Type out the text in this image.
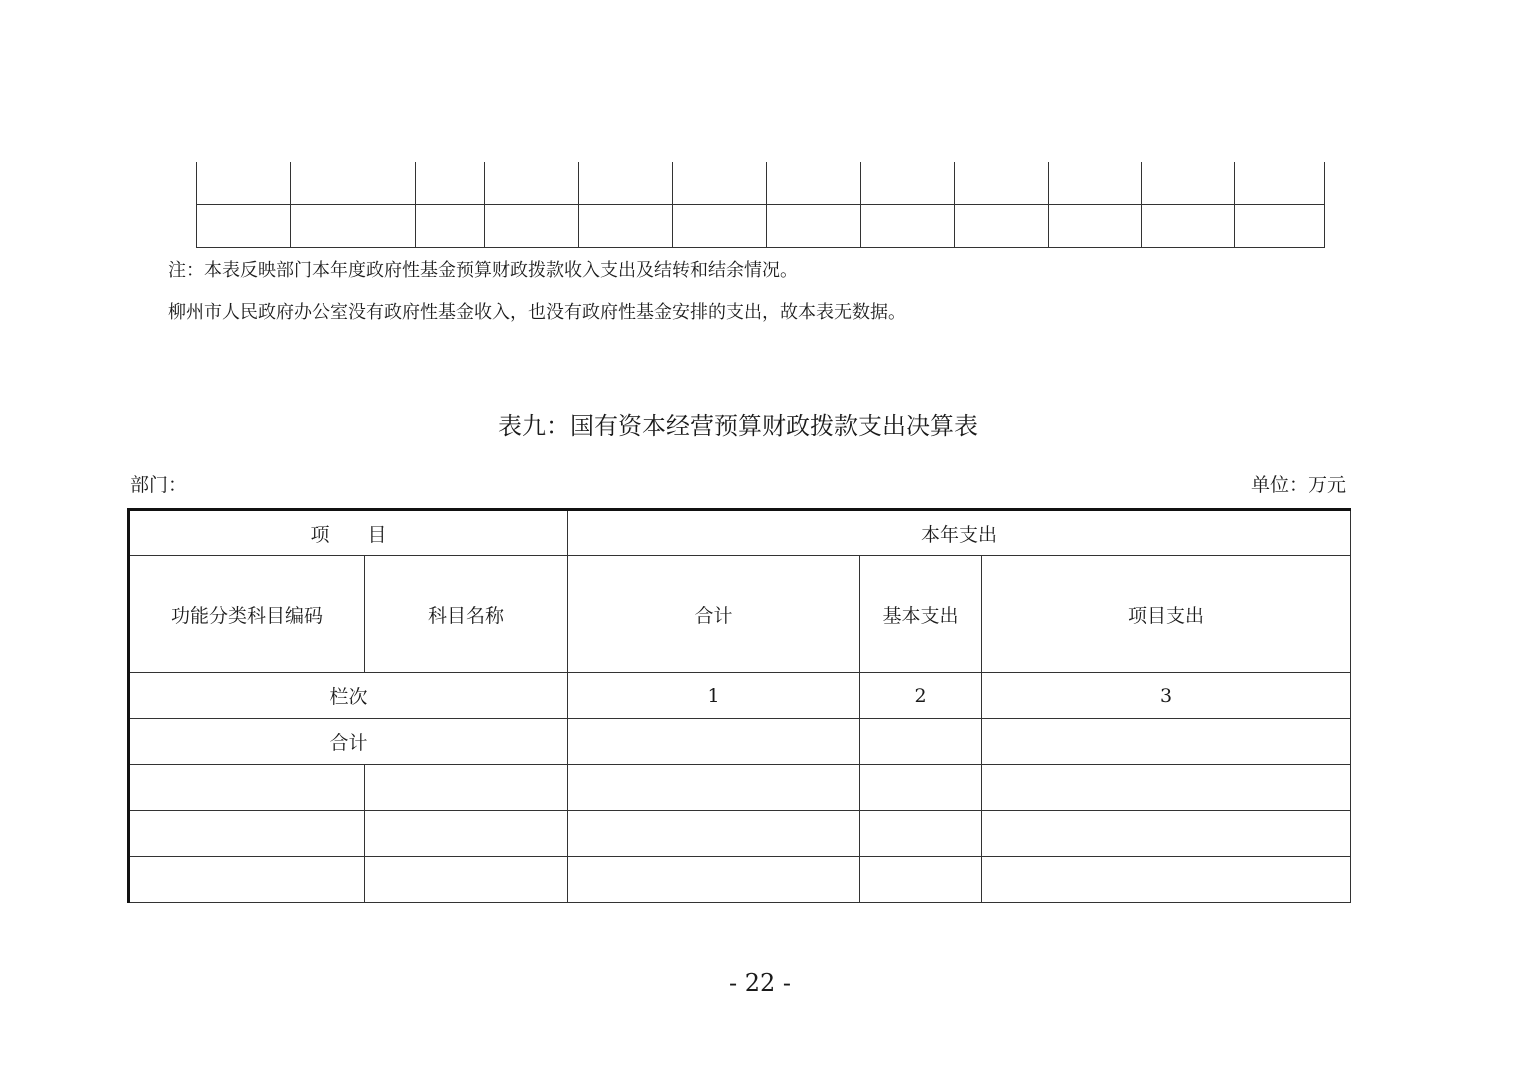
注：本表反映部门本年度政府性基金预算财政拨款收入支出及结转和结余情况。
柳州市人民政府办公室没有政府性基金收入，也没有政府性基金安排的支出，故本表无数据。
表九：国有资本经营预算财政拨款支出决算表
部门：	单位：万元
项　　目		本年支出		
功能分类科目编码	科目名称	合计	基本支出	项目支出
栏次		1	2	3
合计				

- 22 -
